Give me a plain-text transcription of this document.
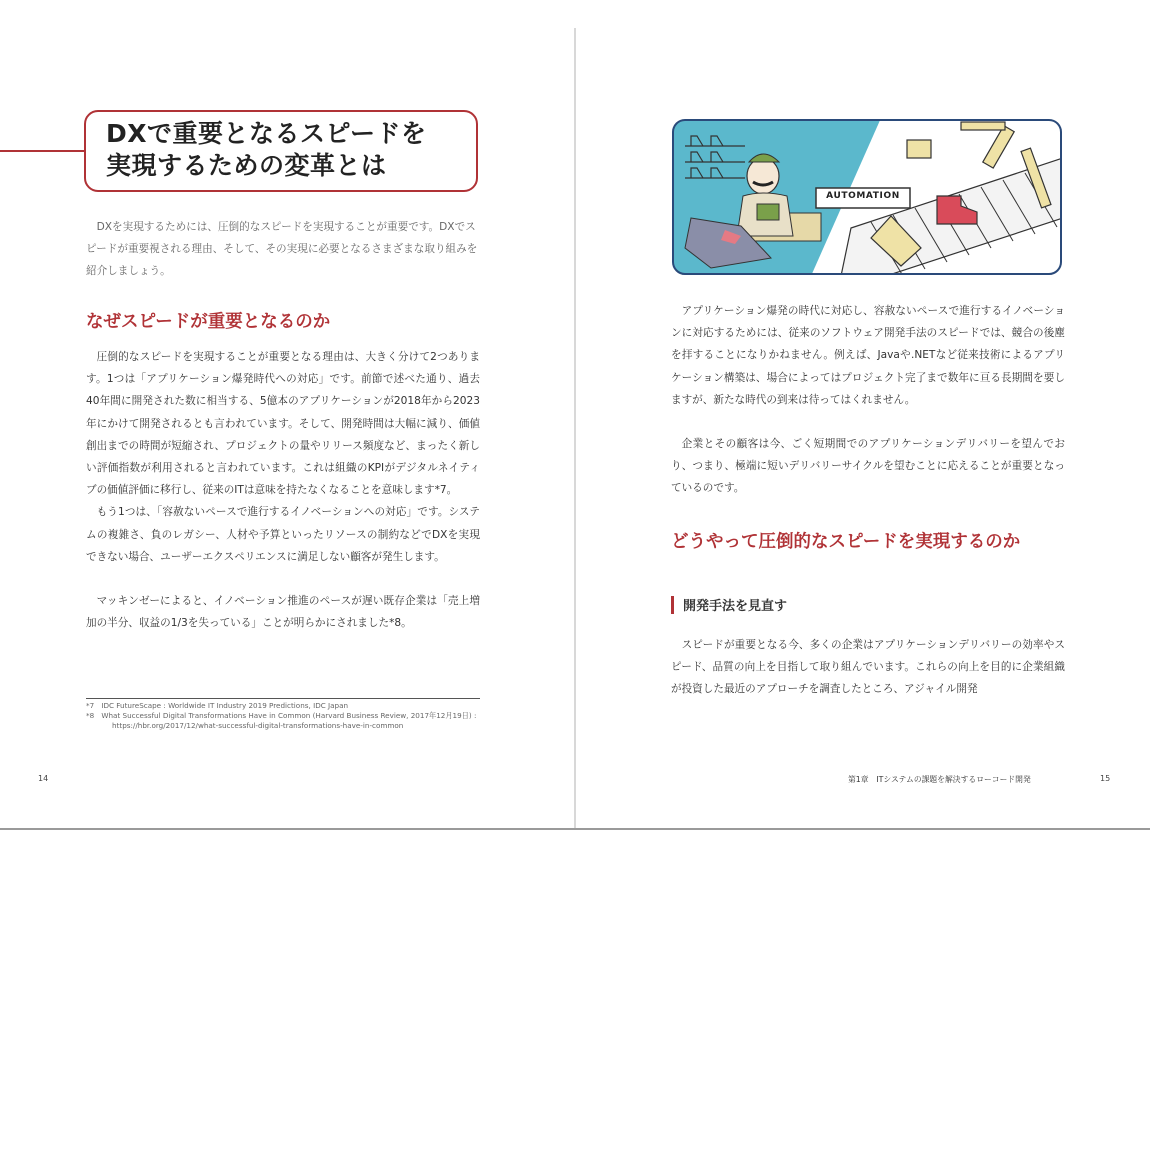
DXで重要となるスピードを
実現するための変革とは
DXを実現するためには、圧倒的なスピードを実現することが重要です。DXでスピードが重要視される理由、そして、その実現に必要となるさまざまな取り組みを紹介しましょう。
なぜスピードが重要となるのか

圧倒的なスピードを実現することが重要となる理由は、大きく分けて2つあります。1つは「アプリケーション爆発時代への対応」です。前節で述べた通り、過去40年間に開発された数に相当する、5億本のアプリケーションが2018年から2023年にかけて開発されるとも言われています。そして、開発時間は大幅に減り、価値創出までの時間が短縮され、プロジェクトの量やリリース頻度など、まったく新しい評価指数が利用されると言われています。これは組織のKPIがデジタルネイティブの価値評価に移行し、従来のITは意味を持たなくなることを意味します*7。

もう1つは、「容赦ないペースで進行するイノベーションへの対応」です。システムの複雑さ、負のレガシー、人材や予算といったリソースの制約などでDXを実現できない場合、ユーザーエクスペリエンスに満足しない顧客が発生します。

マッキンゼーによると、イノベーション推進のペースが遅い既存企業は「売上増加の半分、収益の1/3を失っている」ことが明らかにされました*8。

*7　IDC FutureScape : Worldwide IT Industry 2019 Predictions, IDC Japan
*8　What Successful Digital Transformations Have in Common (Harvard Business Review, 2017年12月19日) : https://hbr.org/2017/12/what-successful-digital-transformations-have-in-common
14
AUTOMATION

アプリケーション爆発の時代に対応し、容赦ないペースで進行するイノベーションに対応するためには、従来のソフトウェア開発手法のスピードでは、競合の後塵を拝することになりかねません。例えば、Javaや.NETなど従来技術によるアプリケーション構築は、場合によってはプロジェクト完了まで数年に亘る長期間を要しますが、新たな時代の到来は待ってはくれません。

企業とその顧客は今、ごく短期間でのアプリケーションデリバリーを望んでおり、つまり、極端に短いデリバリーサイクルを望むことに応えることが重要となっているのです。

どうやって圧倒的なスピードを実現するのか
開発手法を見直す

スピードが重要となる今、多くの企業はアプリケーションデリバリーの効率やスピード、品質の向上を目指して取り組んでいます。これらの向上を目的に企業組織が投資した最近のアプローチを調査したところ、アジャイル開発

第1章　ITシステムの課題を解決するローコード開発	15
